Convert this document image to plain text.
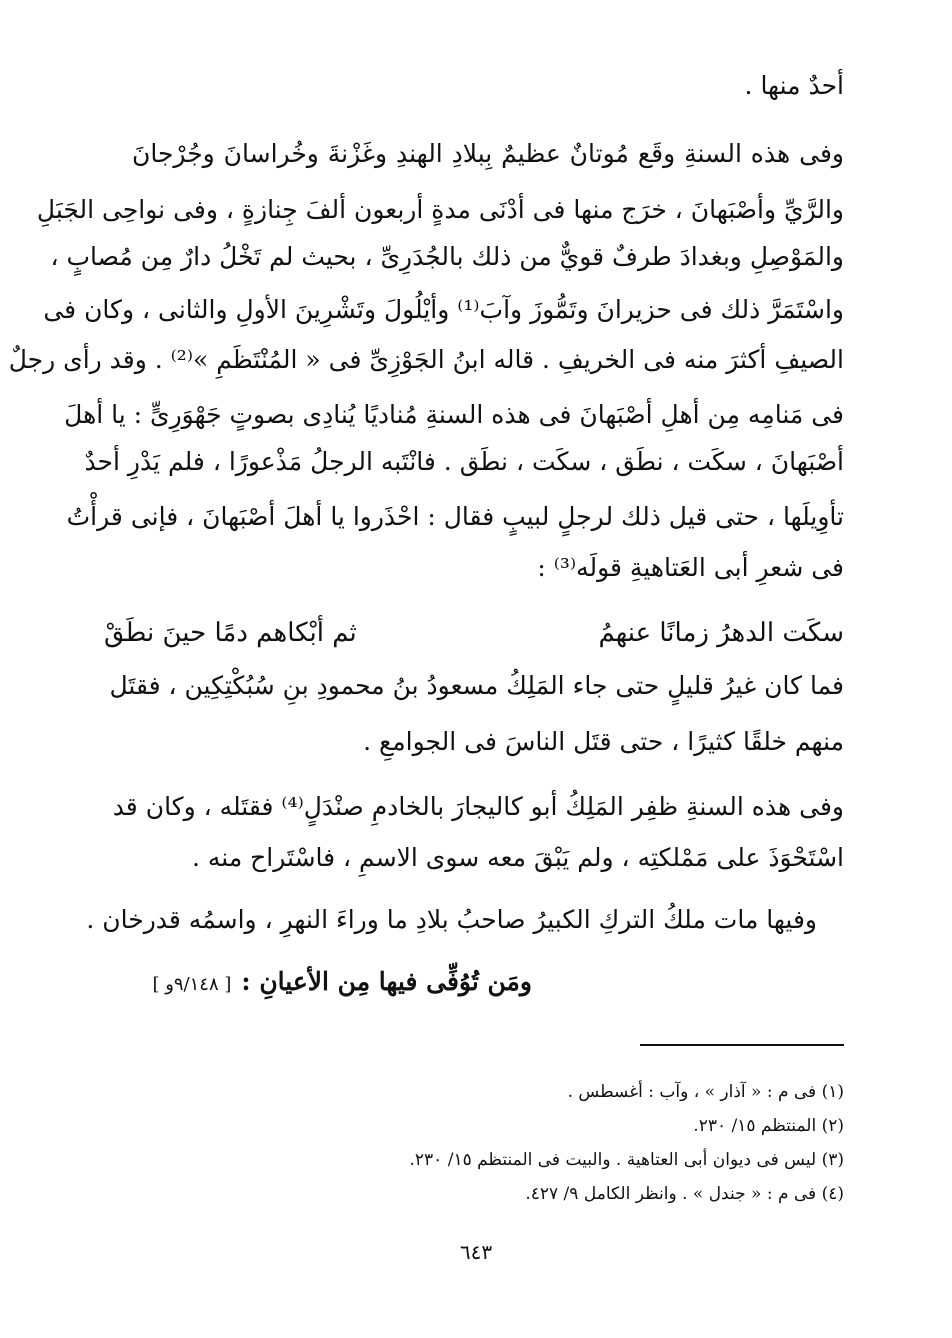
أحدٌ منها .
وفى هذه السنةِ وقَع مُوتانٌ عظيمٌ بِبلادِ الهندِ وغَزْنةَ وخُراسانَ وجُرْجانَ
والرَّيِّ وأصْبَهانَ ، خرَج منها فى أدْنَى مدةٍ أربعون ألفَ جِنازةٍ ، وفى نواحِى الجَبَلِ
والمَوْصِلِ وبغدادَ طرفٌ قويٌّ من ذلك بالجُدَرِىِّ ، بحيث لم تَخْلُ دارٌ مِن مُصابٍ ،
واسْتَمَرَّ ذلك فى حزيرانَ وتَمُّوزَ وآبَ⁽¹⁾ وأيْلُولَ وتَشْرِينَ الأولِ والثانى ، وكان فى
الصيفِ أكثرَ منه فى الخريفِ . قاله ابنُ الجَوْزِىِّ فى « المُنْتَظَمِ »⁽²⁾ . وقد رأى رجلٌ
فى مَنامِه مِن أهلِ أصْبَهانَ فى هذه السنةِ مُناديًا يُنادِى بصوتٍ جَهْوَرِىٍّ : يا أهلَ
أصْبَهانَ ، سكَت ، نطَق ، سكَت ، نطَق . فانْتَبه الرجلُ مَذْعورًا ، فلم يَدْرِ أحدٌ
تأوِيلَها ، حتى قيل ذلك لرجلٍ لبيبٍ فقال : احْذَروا يا أهلَ أصْبَهانَ ، فإنى قرأْتُ
فى شعرِ أبى العَتاهيةِ قولَه⁽³⁾ :
سكَت الدهرُ زمانًا عنهمُ
ثم أبْكاهم دمًا حينَ نطَقْ
فما كان غيرُ قليلٍ حتى جاء المَلِكُ مسعودُ بنُ محمودِ بنِ سُبُكْتِكِين ، فقتَل
منهم خلقًا كثيرًا ، حتى قتَل الناسَ فى الجوامعِ .
وفى هذه السنةِ ظفِر المَلِكُ أبو كاليجارَ بالخادمِ صنْدَلٍ⁽⁴⁾ فقتَله ، وكان قد
اسْتَحْوَذَ على مَمْلكتِه ، ولم يَبْقَ معه سوى الاسمِ ، فاسْتَراح منه .
وفيها مات ملكُ التركِ الكبيرُ صاحبُ بلادِ ما وراءَ النهرِ ، واسمُه قدرخان .
ومَن تُوُفِّى فيها مِن الأعيانِ :[ ٩/١٤٨و ]
(١) فى م : « آذار » ، وآب : أغسطس .
(٢) المنتظم ١٥/ ٢٣٠.
(٣) ليس فى ديوان أبى العتاهية . والبيت فى المنتظم ١٥/ ٢٣٠.
(٤) فى م : « جندل » . وانظر الكامل ٩/ ٤٢٧.
٦٤٣
